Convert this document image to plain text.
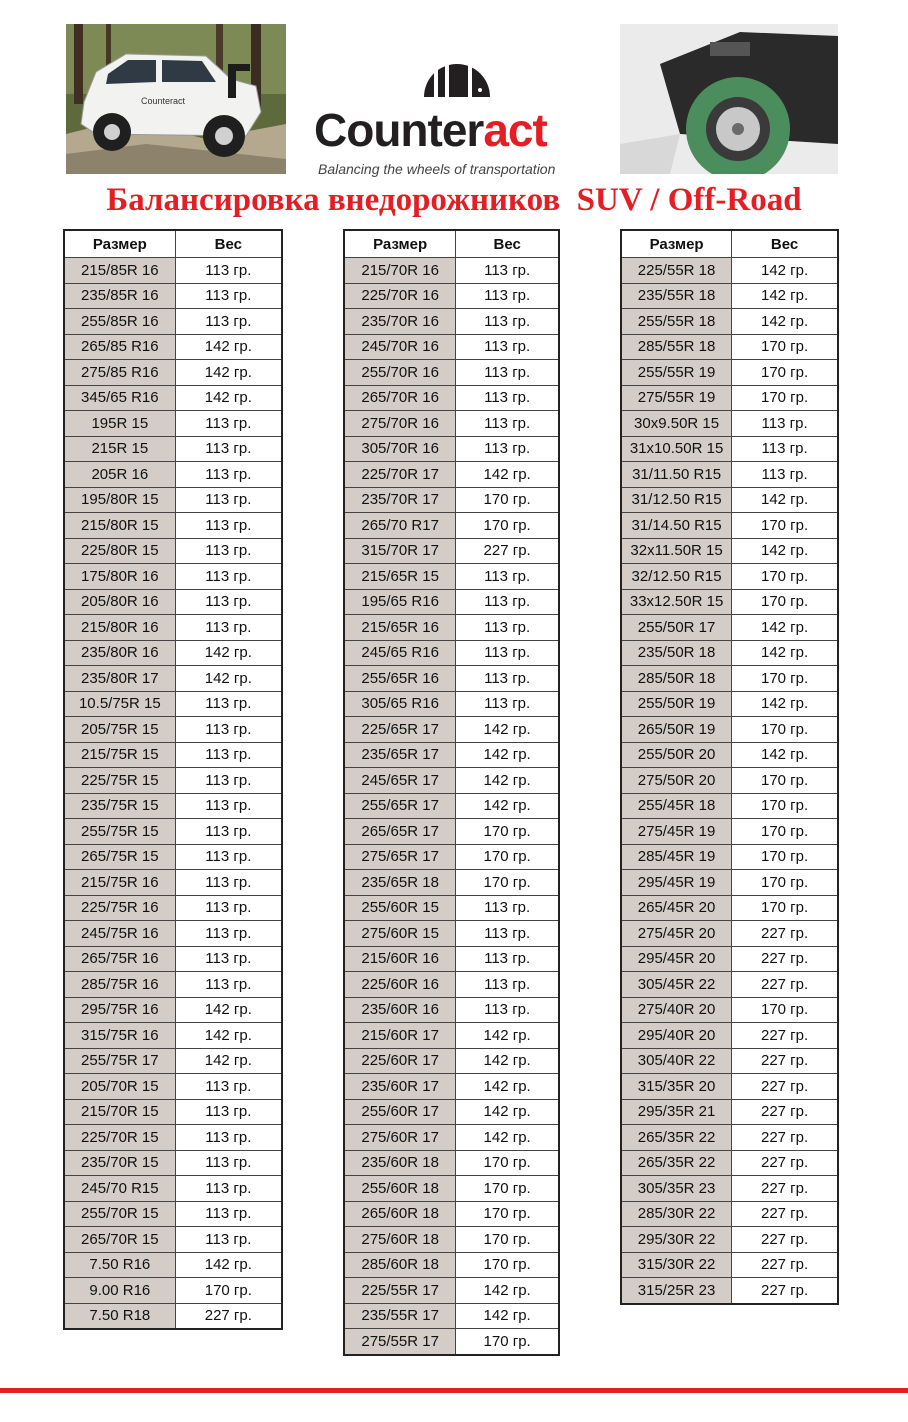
Counteract
Counteract
Balancing the wheels of transportation
Балансировка внедорожников  SUV / Off-Road
Размер	Вес
215/85R 16	113 гр.
235/85R 16	113 гр.
255/85R 16	113 гр.
265/85 R16	142 гр.
275/85 R16	142 гр.
345/65 R16	142 гр.
195R 15	113 гр.
215R 15	113 гр.
205R 16	113 гр.
195/80R 15	113 гр.
215/80R 15	113 гр.
225/80R 15	113 гр.
175/80R 16	113 гр.
205/80R 16	113 гр.
215/80R 16	113 гр.
235/80R 16	142 гр.
235/80R 17	142 гр.
10.5/75R 15	113 гр.
205/75R 15	113 гр.
215/75R 15	113 гр.
225/75R 15	113 гр.
235/75R 15	113 гр.
255/75R 15	113 гр.
265/75R 15	113 гр.
215/75R 16	113 гр.
225/75R 16	113 гр.
245/75R 16	113 гр.
265/75R 16	113 гр.
285/75R 16	113 гр.
295/75R 16	142 гр.
315/75R 16	142 гр.
255/75R 17	142 гр.
205/70R 15	113 гр.
215/70R 15	113 гр.
225/70R 15	113 гр.
235/70R 15	113 гр.
245/70 R15	113 гр.
255/70R 15	113 гр.
265/70R 15	113 гр.
7.50 R16	142 гр.
9.00 R16	170 гр.
7.50 R18	227 гр.
Размер	Вес
215/70R 16	113 гр.
225/70R 16	113 гр.
235/70R 16	113 гр.
245/70R 16	113 гр.
255/70R 16	113 гр.
265/70R 16	113 гр.
275/70R 16	113 гр.
305/70R 16	113 гр.
225/70R 17	142 гр.
235/70R 17	170 гр.
265/70 R17	170 гр.
315/70R 17	227 гр.
215/65R 15	113 гр.
195/65 R16	113 гр.
215/65R 16	113 гр.
245/65 R16	113 гр.
255/65R 16	113 гр.
305/65 R16	113 гр.
225/65R 17	142 гр.
235/65R 17	142 гр.
245/65R 17	142 гр.
255/65R 17	142 гр.
265/65R 17	170 гр.
275/65R 17	170 гр.
235/65R 18	170 гр.
255/60R 15	113 гр.
275/60R 15	113 гр.
215/60R 16	113 гр.
225/60R 16	113 гр.
235/60R 16	113 гр.
215/60R 17	142 гр.
225/60R 17	142 гр.
235/60R 17	142 гр.
255/60R 17	142 гр.
275/60R 17	142 гр.
235/60R 18	170 гр.
255/60R 18	170 гр.
265/60R 18	170 гр.
275/60R 18	170 гр.
285/60R 18	170 гр.
225/55R 17	142 гр.
235/55R 17	142 гр.
275/55R 17	170 гр.
Размер	Вес
225/55R 18	142 гр.
235/55R 18	142 гр.
255/55R 18	142 гр.
285/55R 18	170 гр.
255/55R 19	170 гр.
275/55R 19	170 гр.
30x9.50R 15	113 гр.
31x10.50R 15	113 гр.
31/11.50 R15	113 гр.
31/12.50 R15	142 гр.
31/14.50 R15	170 гр.
32x11.50R 15	142 гр.
32/12.50 R15	170 гр.
33x12.50R 15	170 гр.
255/50R 17	142 гр.
235/50R 18	142 гр.
285/50R 18	170 гр.
255/50R 19	142 гр.
265/50R 19	170 гр.
255/50R 20	142 гр.
275/50R 20	170 гр.
255/45R 18	170 гр.
275/45R 19	170 гр.
285/45R 19	170 гр.
295/45R 19	170 гр.
265/45R 20	170 гр.
275/45R 20	227 гр.
295/45R 20	227 гр.
305/45R 22	227 гр.
275/40R 20	170 гр.
295/40R 20	227 гр.
305/40R 22	227 гр.
315/35R 20	227 гр.
295/35R 21	227 гр.
265/35R 22	227 гр.
265/35R 22	227 гр.
305/35R 23	227 гр.
285/30R 22	227 гр.
295/30R 22	227 гр.
315/30R 22	227 гр.
315/25R 23	227 гр.
